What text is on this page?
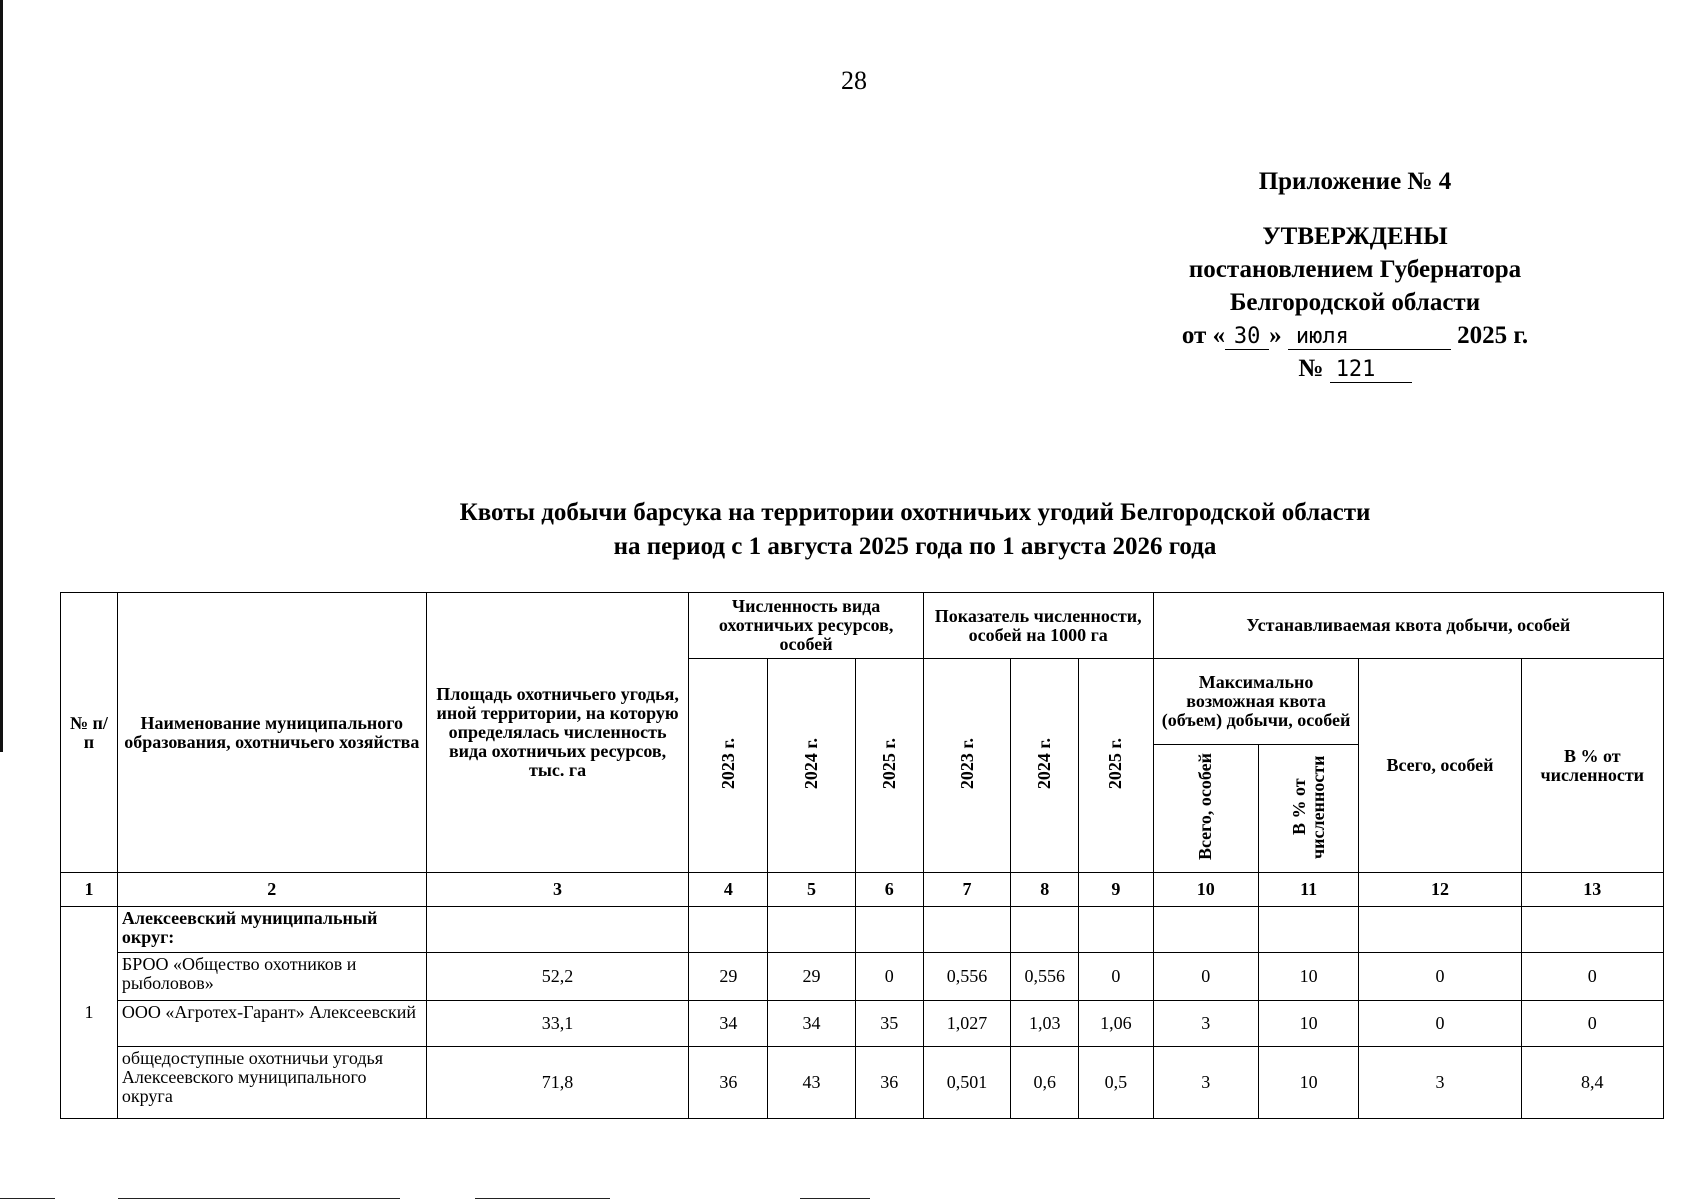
28
Приложение № 4
УТВЕРЖДЕНЫ
постановлением Губернатора
Белгородской области
от « 30 » июля	2025 г.
№ 121
Квоты добычи барсука на территории охотничьих угодий Белгородской области
на период с 1 августа 2025 года по 1 августа 2026 года
№ п/п	Наименование муниципального образования, охотничьего хозяйства	Площадь охотничьего угодья, иной территории, на которую определялась численность вида охотничьих ресурсов, тыс. га	Численность вида охотничьих ресурсов, особей			Показатель численности, особей на 1000 га			Устанавливаемая квота добычи, особей			
			2023 г.	2024 г.	2025 г.	2023 г.	2024 г.	2025 г.	Максимально возможная квота (объем) добычи, особей		Всего, особей	В % от численности
									Всего, особей	В % от численности		
1	2	3	4	5	6	7	8	9	10	11	12	13
1	Алексеевский муниципальный округ:											
	БРОО «Общество охотников и рыболовов»	52,2	29	29	0	0,556	0,556	0	0	10	0	0
	ООО «Агротех-Гарант» Алексеевский	33,1	34	34	35	1,027	1,03	1,06	3	10	0	0
	общедоступные охотничьи угодья Алексеевского муниципального округа	71,8	36	43	36	0,501	0,6	0,5	3	10	3	8,4
